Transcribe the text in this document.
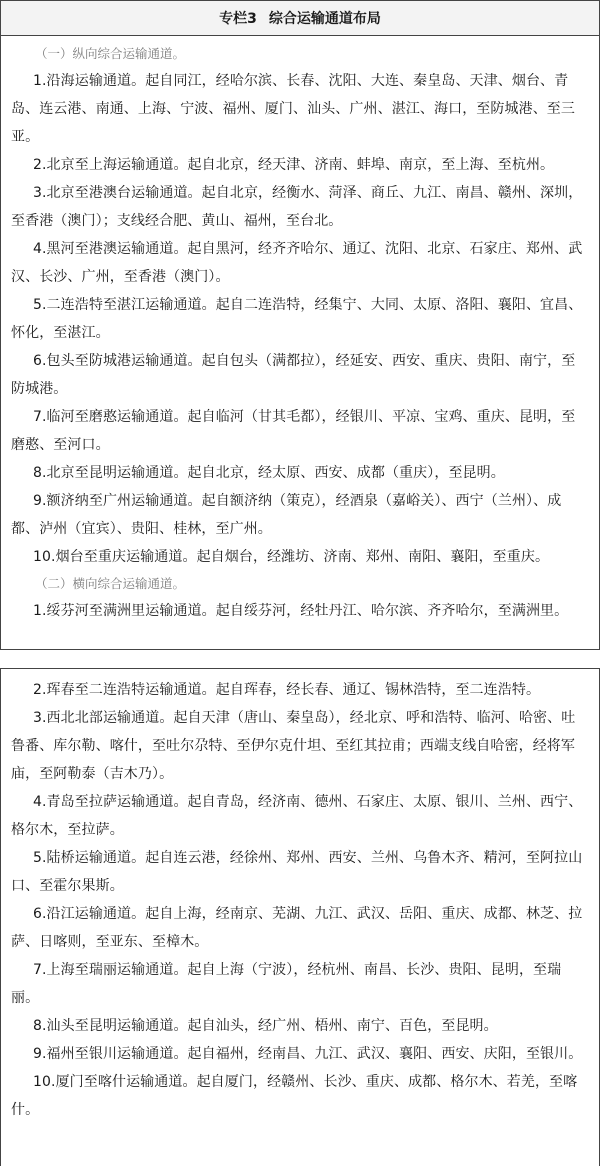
专栏3 综合运输通道布局
（一）纵向综合运输通道。

1.沿海运输通道。起自同江，经哈尔滨、长春、沈阳、大连、秦皇岛、天津、烟台、青岛、连云港、南通、上海、宁波、福州、厦门、汕头、广州、湛江、海口，至防城港、至三亚。

2.北京至上海运输通道。起自北京，经天津、济南、蚌埠、南京，至上海、至杭州。

3.北京至港澳台运输通道。起自北京，经衡水、菏泽、商丘、九江、南昌、赣州、深圳，至香港（澳门）；支线经合肥、黄山、福州，至台北。

4.黑河至港澳运输通道。起自黑河，经齐齐哈尔、通辽、沈阳、北京、石家庄、郑州、武汉、长沙、广州，至香港（澳门）。

5.二连浩特至湛江运输通道。起自二连浩特，经集宁、大同、太原、洛阳、襄阳、宜昌、怀化，至湛江。

6.包头至防城港运输通道。起自包头（满都拉），经延安、西安、重庆、贵阳、南宁，至防城港。

7.临河至磨憨运输通道。起自临河（甘其毛都），经银川、平凉、宝鸡、重庆、昆明，至磨憨、至河口。

8.北京至昆明运输通道。起自北京，经太原、西安、成都（重庆），至昆明。

9.额济纳至广州运输通道。起自额济纳（策克），经酒泉（嘉峪关）、西宁（兰州）、成都、泸州（宜宾）、贵阳、桂林，至广州。

10.烟台至重庆运输通道。起自烟台，经潍坊、济南、郑州、南阳、襄阳，至重庆。

（二）横向综合运输通道。

1.绥芬河至满洲里运输通道。起自绥芬河，经牡丹江、哈尔滨、齐齐哈尔，至满洲里。

2.珲春至二连浩特运输通道。起自珲春，经长春、通辽、锡林浩特，至二连浩特。

3.西北北部运输通道。起自天津（唐山、秦皇岛），经北京、呼和浩特、临河、哈密、吐鲁番、库尔勒、喀什，至吐尔尕特、至伊尔克什坦、至红其拉甫；西端支线自哈密，经将军庙，至阿勒泰（吉木乃）。

4.青岛至拉萨运输通道。起自青岛，经济南、德州、石家庄、太原、银川、兰州、西宁、格尔木，至拉萨。

5.陆桥运输通道。起自连云港，经徐州、郑州、西安、兰州、乌鲁木齐、精河，至阿拉山口、至霍尔果斯。

6.沿江运输通道。起自上海，经南京、芜湖、九江、武汉、岳阳、重庆、成都、林芝、拉萨、日喀则，至亚东、至樟木。

7.上海至瑞丽运输通道。起自上海（宁波），经杭州、南昌、长沙、贵阳、昆明，至瑞丽。

8.汕头至昆明运输通道。起自汕头，经广州、梧州、南宁、百色，至昆明。

9.福州至银川运输通道。起自福州，经南昌、九江、武汉、襄阳、西安、庆阳，至银川。

10.厦门至喀什运输通道。起自厦门，经赣州、长沙、重庆、成都、格尔木、若羌，至喀什。
